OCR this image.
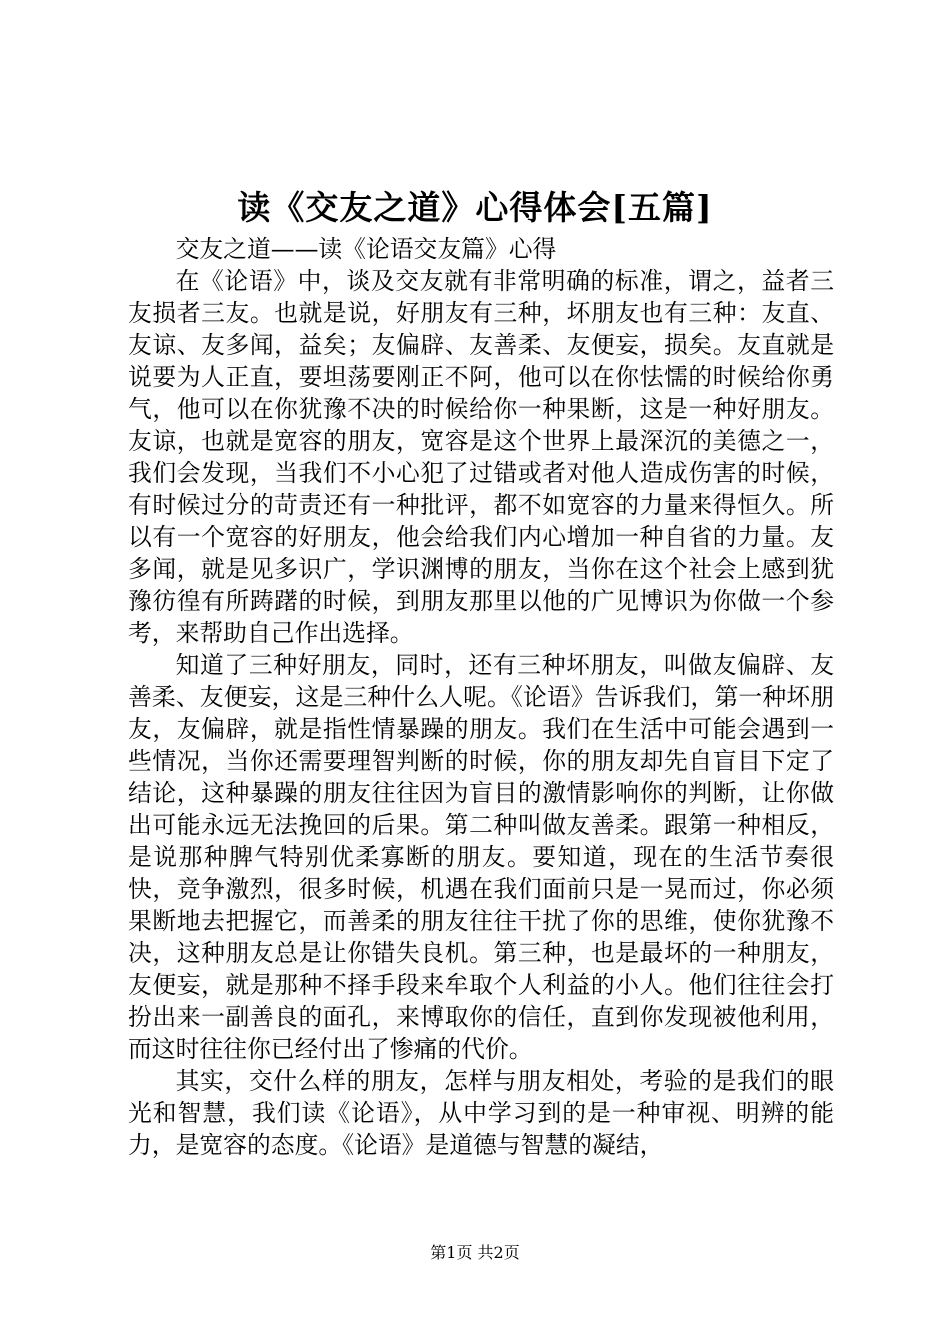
读《交友之道》心得体会[五篇]

交友之道——读《论语交友篇》心得

在《论语》中，谈及交友就有非常明确的标准，谓之，益者三友损者三友。也就是说，好朋友有三种，坏朋友也有三种：友直、友谅、友多闻，益矣；友偏辟、友善柔、友便妄，损矣。友直就是说要为人正直，要坦荡要刚正不阿，他可以在你怯懦的时候给你勇气，他可以在你犹豫不决的时候给你一种果断，这是一种好朋友。友谅，也就是宽容的朋友，宽容是这个世界上最深沉的美德之一，我们会发现，当我们不小心犯了过错或者对他人造成伤害的时候，有时候过分的苛责还有一种批评，都不如宽容的力量来得恒久。所以有一个宽容的好朋友，他会给我们内心增加一种自省的力量。友多闻，就是见多识广，学识渊博的朋友，当你在这个社会上感到犹豫彷徨有所踌躇的时候，到朋友那里以他的广见博识为你做一个参考，来帮助自己作出选择。

知道了三种好朋友，同时，还有三种坏朋友，叫做友偏辟、友善柔、友便妄，这是三种什么人呢。《论语》告诉我们，第一种坏朋友，友偏辟，就是指性情暴躁的朋友。我们在生活中可能会遇到一些情况，当你还需要理智判断的时候，你的朋友却先自盲目下定了结论，这种暴躁的朋友往往因为盲目的激情影响你的判断，让你做出可能永远无法挽回的后果。第二种叫做友善柔。跟第一种相反，是说那种脾气特别优柔寡断的朋友。要知道，现在的生活节奏很快，竞争激烈，很多时候，机遇在我们面前只是一晃而过，你必须果断地去把握它，而善柔的朋友往往干扰了你的思维，使你犹豫不决，这种朋友总是让你错失良机。第三种，也是最坏的一种朋友，友便妄，就是那种不择手段来牟取个人利益的小人。他们往往会打扮出来一副善良的面孔，来博取你的信任，直到你发现被他利用，而这时往往你已经付出了惨痛的代价。

其实，交什么样的朋友，怎样与朋友相处，考验的是我们的眼光和智慧，我们读《论语》，从中学习到的是一种审视、明辨的能力，是宽容的态度。《论语》是道德与智慧的凝结，

第1页 共2页
